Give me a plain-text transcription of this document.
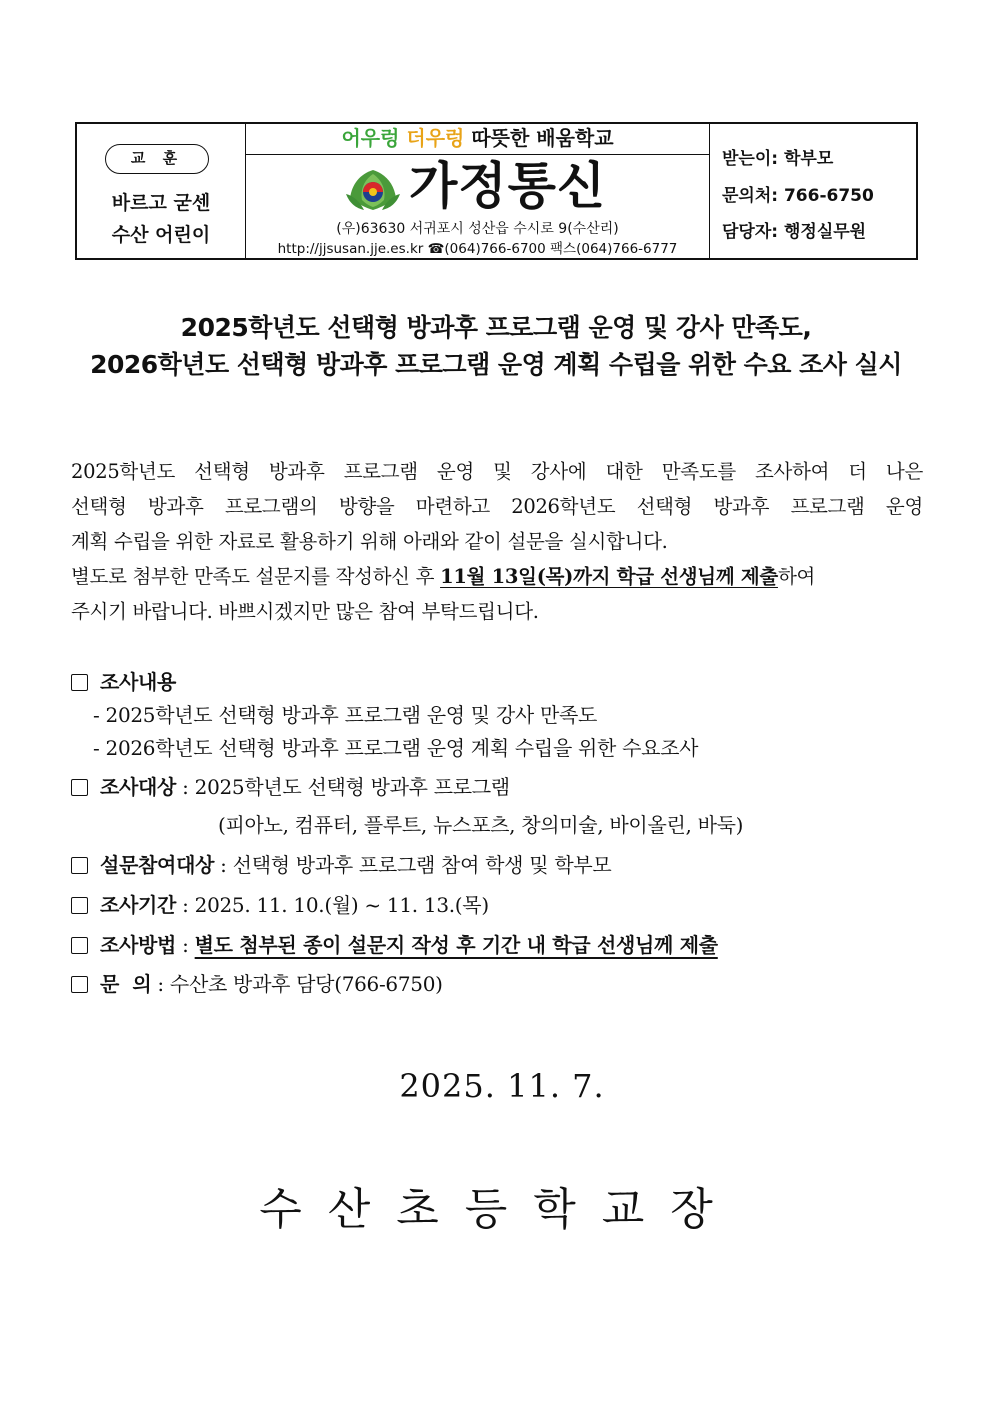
교 훈
바르고 굳센
수산 어린이
어우렁 더우렁 따뜻한 배움학교
가정통신
(우)63630 서귀포시 성산읍 수시로 9(수산리)
http://jjsusan.jje.es.kr ☎(064)766-6700 팩스(064)766-6777
받는이: 학부모
문의처: 766-6750
담당자: 행정실무원
2025학년도 선택형 방과후 프로그램 운영 및 강사 만족도,
2026학년도 선택형 방과후 프로그램 운영 계획 수립을 위한 수요 조사 실시
2025학년도 선택형 방과후 프로그램 운영 및 강사에 대한 만족도를 조사하여 더 나은
선택형 방과후 프로그램의 방향을 마련하고 2026학년도 선택형 방과후 프로그램 운영
계획 수립을 위한 자료로 활용하기 위해 아래와 같이 설문을 실시합니다.
별도로 첨부한 만족도 설문지를 작성하신 후 11월 13일(목)까지 학급 선생님께 제출하여
주시기 바랍니다. 바쁘시겠지만 많은 참여 부탁드립니다.
조사내용
- 2025학년도 선택형 방과후 프로그램 운영 및 강사 만족도
- 2026학년도 선택형 방과후 프로그램 운영 계획 수립을 위한 수요조사
조사대상 : 2025학년도 선택형 방과후 프로그램
(피아노, 컴퓨터, 플루트, 뉴스포츠, 창의미술, 바이올린, 바둑)
설문참여대상 : 선택형 방과후 프로그램 참여 학생 및 학부모
조사기간 : 2025. 11. 10.(월) ~ 11. 13.(목)
조사방법 : 별도 첨부된 종이 설문지 작성 후 기간 내 학급 선생님께 제출
문  의 : 수산초 방과후 담당(766-6750)
2025. 11. 7.
수산초등학교장
